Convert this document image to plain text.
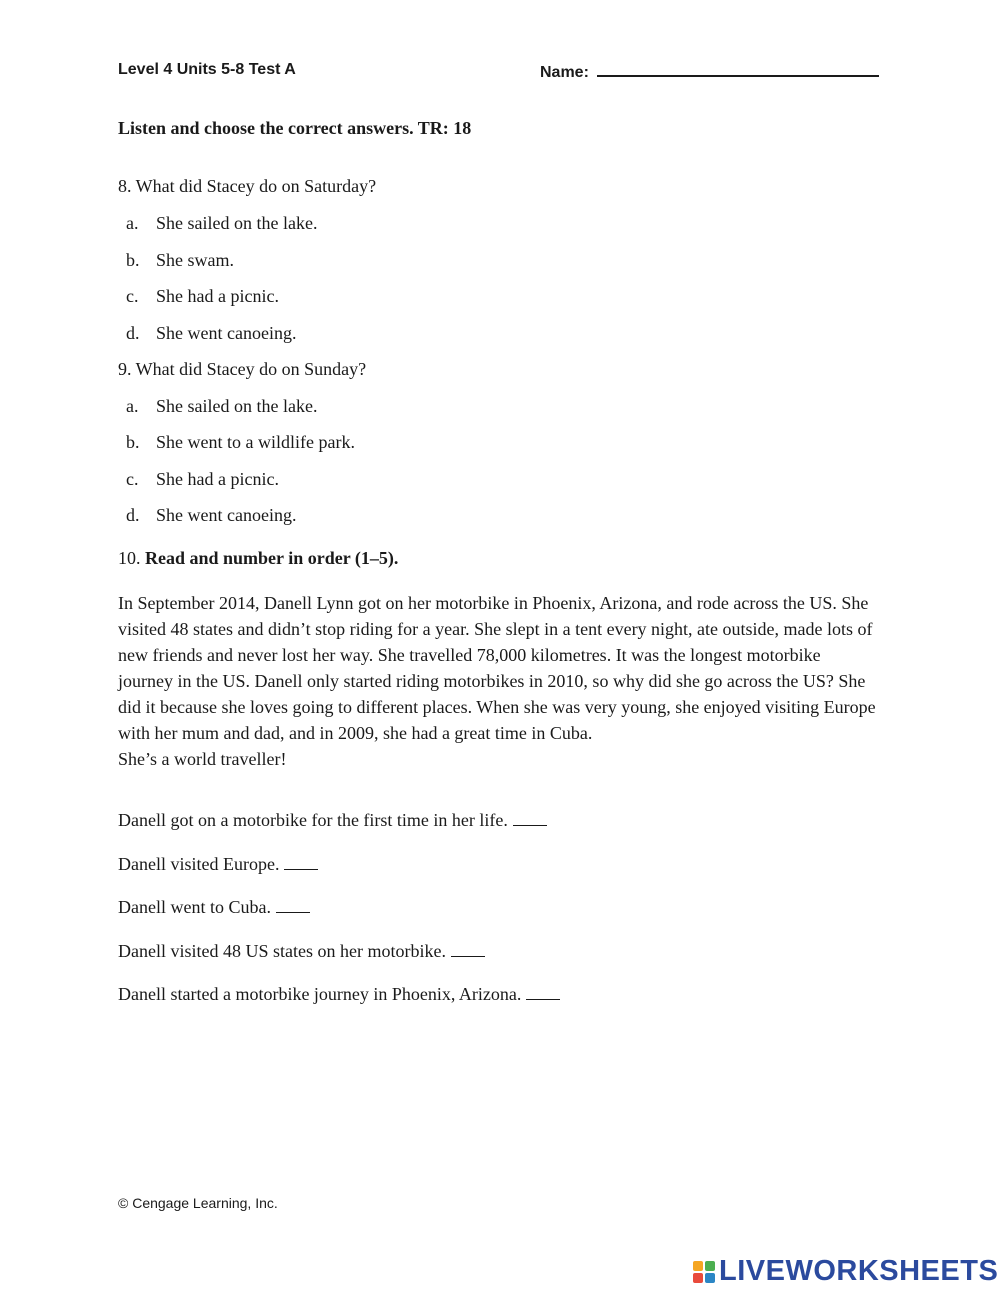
Level 4 Units 5-8 Test A	Name:
Listen and choose the correct answers. TR: 18
8. What did Stacey do on Saturday?
a. She sailed on the lake.
b. She swam.
c. She had a picnic.
d. She went canoeing.
9. What did Stacey do on Sunday?
a. She sailed on the lake.
b. She went to a wildlife park.
c. She had a picnic.
d. She went canoeing.
10. Read and number in order (1–5).

In September 2014, Danell Lynn got on her motorbike in Phoenix, Arizona, and rode across the US. She visited 48 states and didn’t stop riding for a year. She slept in a tent every night, ate outside, made lots of new friends and never lost her way. She travelled 78,000 kilometres. It was the longest motorbike journey in the US. Danell only started riding motorbikes in 2010, so why did she go across the US? She did it because she loves going to different places. When she was very young, she enjoyed visiting Europe with her mum and dad, and in 2009, she had a great time in Cuba.

She’s a world traveller!

Danell got on a motorbike for the first time in her life.
Danell visited Europe.
Danell went to Cuba.
Danell visited 48 US states on her motorbike.
Danell started a motorbike journey in Phoenix, Arizona.
© Cengage Learning, Inc.
LIVEWORKSHEETS
